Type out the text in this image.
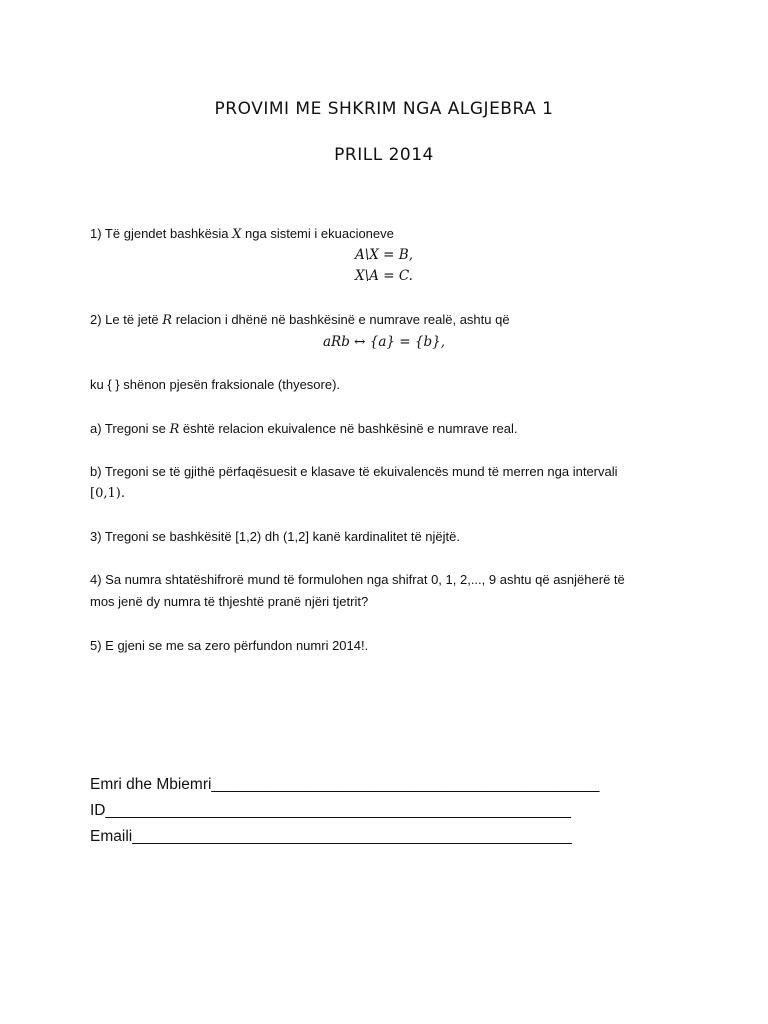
PROVIMI ME SHKRIM NGA ALGJEBRA 1
PRILL 2014
1) Të gjendet bashkësia X nga sistemi i ekuacioneve
A\X = B,
X\A = C.
2) Le të jetë R relacion i dhënë në bashkësinë e numrave realë, ashtu që
aRb ↔ {a} = {b},
ku { } shënon pjesën fraksionale (thyesore).
a) Tregoni se R është relacion ekuivalence në bashkësinë e numrave real.
b) Tregoni se të gjithë përfaqësuesit e klasave të ekuivalencës mund të merren nga intervali
[0,1).
3) Tregoni se bashkësitë [1,2) dh (1,2] kanë kardinalitet të njëjtë.
4) Sa numra shtatëshifrorë mund të formulohen nga shifrat 0, 1, 2,..., 9 ashtu që asnjëherë të
mos jenë dy numra të thjeshtë pranë njëri tjetrit?
5) E gjeni se me sa zero përfundon numri 2014!.
Emri dhe Mbiemri_____________________________________________
ID______________________________________________________
Emaili___________________________________________________
